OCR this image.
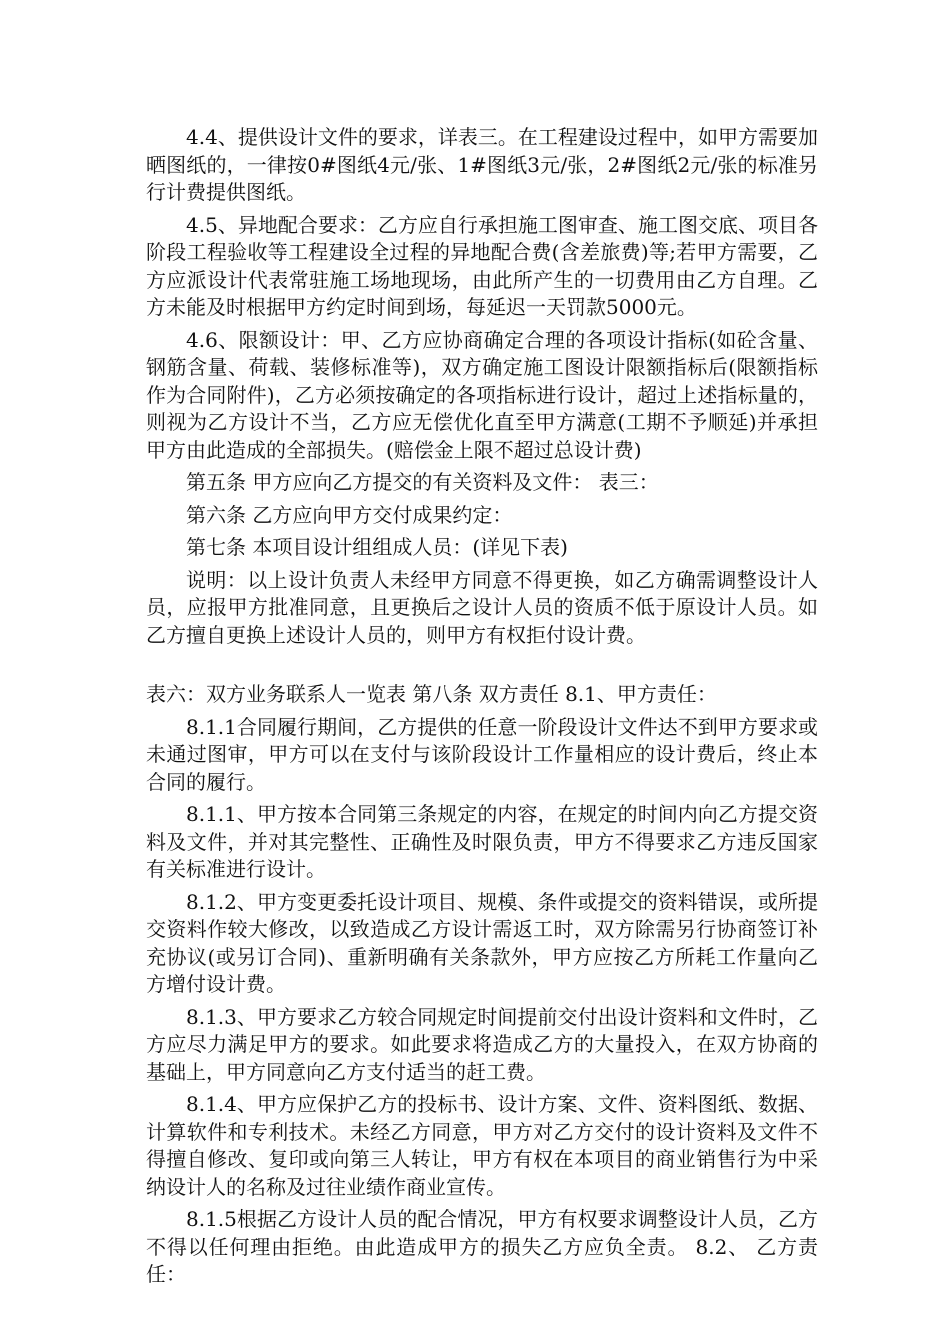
4.4、提供设计文件的要求，详表三。在工程建设过程中，如甲方需要加晒图纸的，一律按0#图纸4元/张、1#图纸3元/张，2#图纸2元/张的标准另行计费提供图纸。

4.5、异地配合要求：乙方应自行承担施工图审查、施工图交底、项目各阶段工程验收等工程建设全过程的异地配合费(含差旅费)等;若甲方需要，乙方应派设计代表常驻施工场地现场，由此所产生的一切费用由乙方自理。乙方未能及时根据甲方约定时间到场，每延迟一天罚款5000元。

4.6、限额设计：甲、乙方应协商确定合理的各项设计指标(如砼含量、钢筋含量、荷载、装修标准等)，双方确定施工图设计限额指标后(限额指标作为合同附件)，乙方必须按确定的各项指标进行设计，超过上述指标量的，则视为乙方设计不当，乙方应无偿优化直至甲方满意(工期不予顺延)并承担甲方由此造成的全部损失。(赔偿金上限不超过总设计费)

第五条 甲方应向乙方提交的有关资料及文件： 表三：

第六条 乙方应向甲方交付成果约定：

第七条 本项目设计组组成人员：(详见下表)

说明：以上设计负责人未经甲方同意不得更换，如乙方确需调整设计人员，应报甲方批准同意，且更换后之设计人员的资质不低于原设计人员。如乙方擅自更换上述设计人员的，则甲方有权拒付设计费。

表六：双方业务联系人一览表 第八条 双方责任 8.1、甲方责任：

8.1.1合同履行期间，乙方提供的任意一阶段设计文件达不到甲方要求或未通过图审，甲方可以在支付与该阶段设计工作量相应的设计费后，终止本合同的履行。

8.1.1、甲方按本合同第三条规定的内容，在规定的时间内向乙方提交资料及文件，并对其完整性、正确性及时限负责，甲方不得要求乙方违反国家有关标准进行设计。

8.1.2、甲方变更委托设计项目、规模、条件或提交的资料错误，或所提交资料作较大修改，以致造成乙方设计需返工时，双方除需另行协商签订补充协议(或另订合同)、重新明确有关条款外，甲方应按乙方所耗工作量向乙方增付设计费。

8.1.3、甲方要求乙方较合同规定时间提前交付出设计资料和文件时，乙方应尽力满足甲方的要求。如此要求将造成乙方的大量投入，在双方协商的基础上，甲方同意向乙方支付适当的赶工费。

8.1.4、甲方应保护乙方的投标书、设计方案、文件、资料图纸、数据、计算软件和专利技术。未经乙方同意，甲方对乙方交付的设计资料及文件不得擅自修改、复印或向第三人转让，甲方有权在本项目的商业销售行为中采纳设计人的名称及过往业绩作商业宣传。

8.1.5根据乙方设计人员的配合情况，甲方有权要求调整设计人员，乙方不得以任何理由拒绝。由此造成甲方的损失乙方应负全责。 8.2、 乙方责任：
